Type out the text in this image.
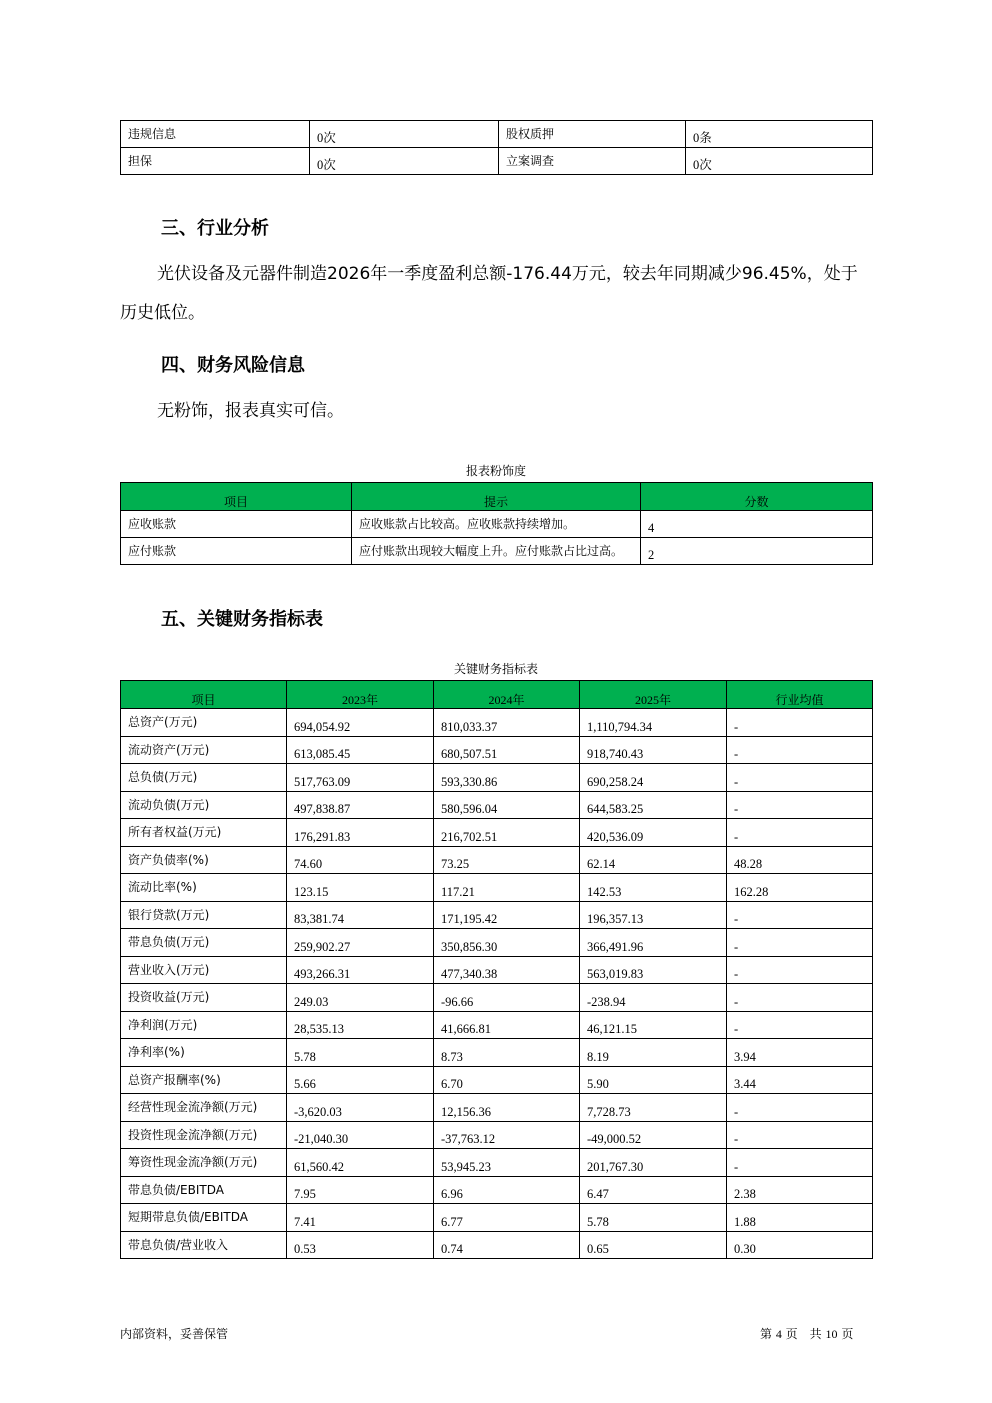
违规信息	0次	股权质押	0条
担保	0次	立案调查	0次
三、行业分析
光伏设备及元器件制造2026年一季度盈利总额-176.44万元，较去年同期减少96.45%，处于
历史低位。
四、财务风险信息
无粉饰，报表真实可信。
报表粉饰度
项目	提示	分数
应收账款	应收账款占比较高。应收账款持续增加。	4
应付账款	应付账款出现较大幅度上升。应付账款占比过高。	2
五、关键财务指标表
关键财务指标表
项目	2023年	2024年	2025年	行业均值
总资产(万元)	694,054.92	810,033.37	1,110,794.34	-
流动资产(万元)	613,085.45	680,507.51	918,740.43	-
总负债(万元)	517,763.09	593,330.86	690,258.24	-
流动负债(万元)	497,838.87	580,596.04	644,583.25	-
所有者权益(万元)	176,291.83	216,702.51	420,536.09	-
资产负债率(%)	74.60	73.25	62.14	48.28
流动比率(%)	123.15	117.21	142.53	162.28
银行贷款(万元)	83,381.74	171,195.42	196,357.13	-
带息负债(万元)	259,902.27	350,856.30	366,491.96	-
营业收入(万元)	493,266.31	477,340.38	563,019.83	-
投资收益(万元)	249.03	-96.66	-238.94	-
净利润(万元)	28,535.13	41,666.81	46,121.15	-
净利率(%)	5.78	8.73	8.19	3.94
总资产报酬率(%)	5.66	6.70	5.90	3.44
经营性现金流净额(万元)	-3,620.03	12,156.36	7,728.73	-
投资性现金流净额(万元)	-21,040.30	-37,763.12	-49,000.52	-
筹资性现金流净额(万元)	61,560.42	53,945.23	201,767.30	-
带息负债/EBITDA	7.95	6.96	6.47	2.38
短期带息负债/EBITDA	7.41	6.77	5.78	1.88
带息负债/营业收入	0.53	0.74	0.65	0.30
内部资料，妥善保管	第 4 页　共 10 页
